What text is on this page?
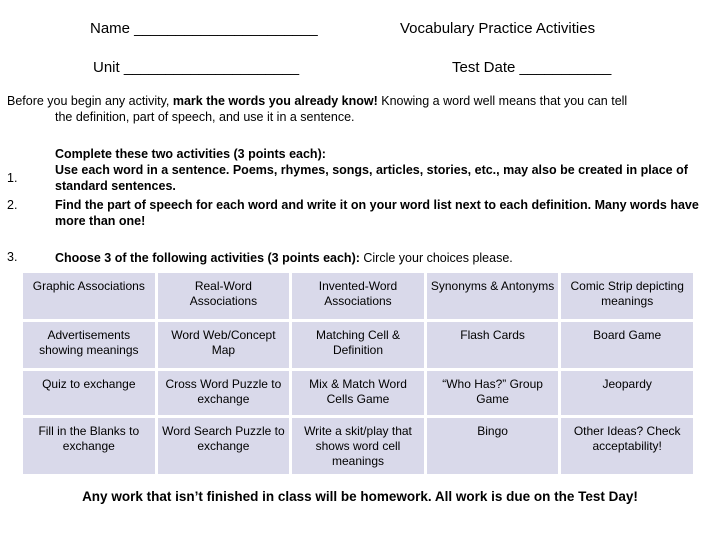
Name ______________________	Vocabulary Practice Activities
Unit _____________________	Test Date ___________
Before you begin any activity, mark the words you already know! Knowing a word well means that you can tell
the definition, part of speech, and use it in a sentence.
Complete these two activities (3 points each):
1.
Use each word in a sentence. Poems, rhymes, songs, articles, stories, etc., may also be created in place of standard sentences.
2.	Find the part of speech for each word and write it on your word list next to each definition. Many words have more than one!
3.	Choose 3 of the following activities (3 points each): Circle your choices please.
Graphic Associations	Real-Word Associations	Invented-Word Associations	Synonyms & Antonyms	Comic Strip depicting meanings
Advertisements showing meanings	Word Web/Concept Map	Matching Cell & Definition	Flash Cards	Board Game
Quiz to exchange	Cross Word Puzzle to exchange	Mix & Match Word Cells Game	“Who Has?” Group Game	Jeopardy
Fill in the Blanks to exchange	Word Search Puzzle to exchange	Write a skit/play that shows word cell meanings	Bingo	Other Ideas? Check acceptability!
Any work that isn’t finished in class will be homework. All work is due on the Test Day!
